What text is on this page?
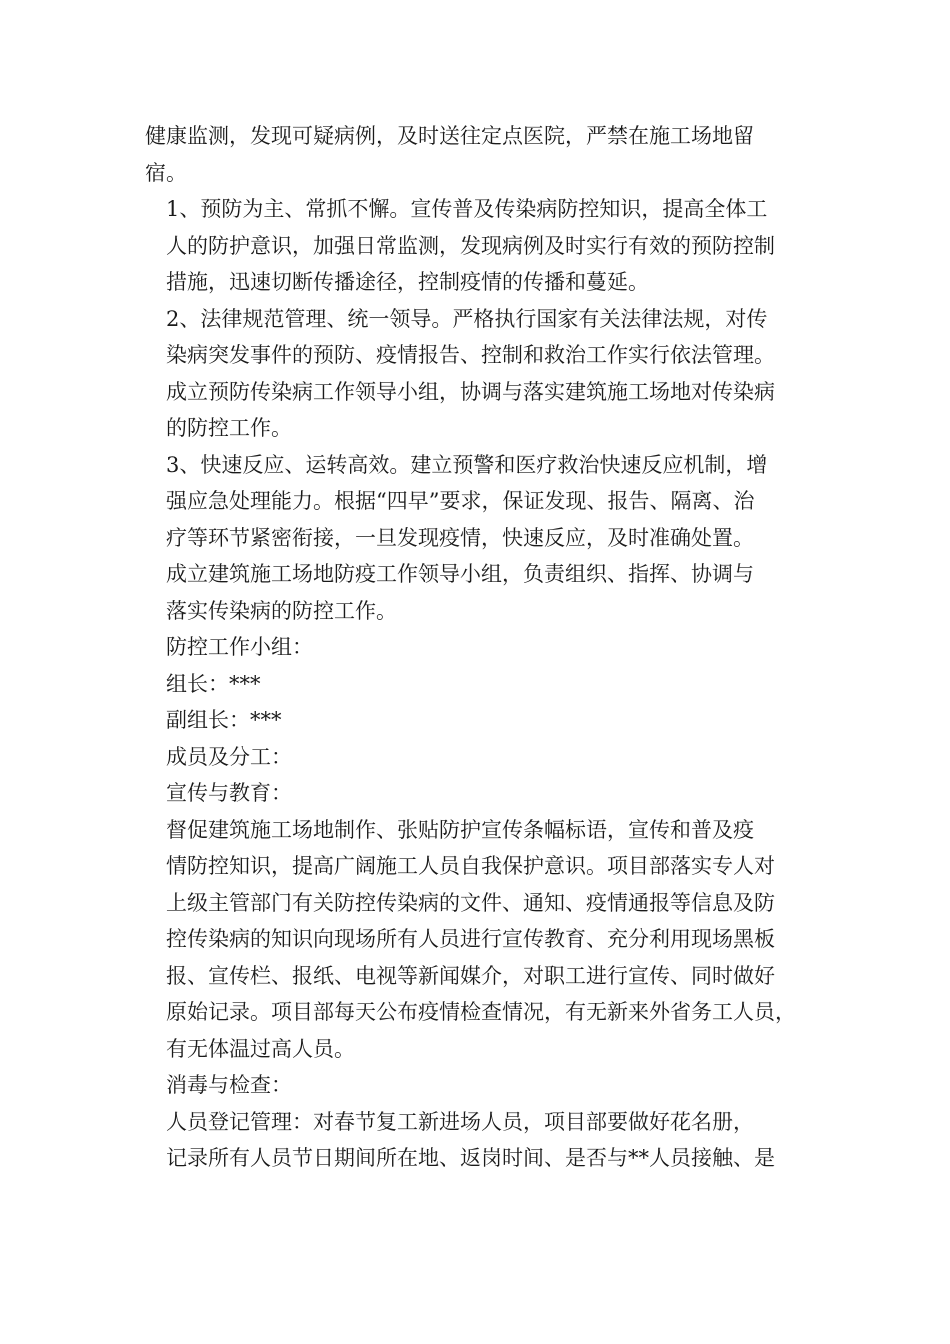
健康监测，发现可疑病例，及时送往定点医院，严禁在施工场地留
宿。

1、预防为主、常抓不懈。宣传普及传染病防控知识，提高全体工
人的防护意识，加强日常监测，发现病例及时实行有效的预防控制
措施，迅速切断传播途径，控制疫情的传播和蔓延。

2、法律规范管理、统一领导。严格执行国家有关法律法规，对传
染病突发事件的预防、疫情报告、控制和救治工作实行依法管理。
成立预防传染病工作领导小组，协调与落实建筑施工场地对传染病
的防控工作。

3、快速反应、运转高效。建立预警和医疗救治快速反应机制，增
强应急处理能力。根据“四早”要求，保证发现、报告、隔离、治
疗等环节紧密衔接，一旦发现疫情，快速反应，及时准确处置。

成立建筑施工场地防疫工作领导小组，负责组织、指挥、协调与
落实传染病的防控工作。

防控工作小组：

组长：***

副组长：***

成员及分工：

宣传与教育：

督促建筑施工场地制作、张贴防护宣传条幅标语，宣传和普及疫
情防控知识，提高广阔施工人员自我保护意识。项目部落实专人对
上级主管部门有关防控传染病的文件、通知、疫情通报等信息及防
控传染病的知识向现场所有人员进行宣传教育、充分利用现场黑板
报、宣传栏、报纸、电视等新闻媒介，对职工进行宣传、同时做好
原始记录。项目部每天公布疫情检查情况，有无新来外省务工人员，
有无体温过高人员。

消毒与检查：

人员登记管理：对春节复工新进场人员，项目部要做好花名册，
记录所有人员节日期间所在地、返岗时间、是否与**人员接触、是
